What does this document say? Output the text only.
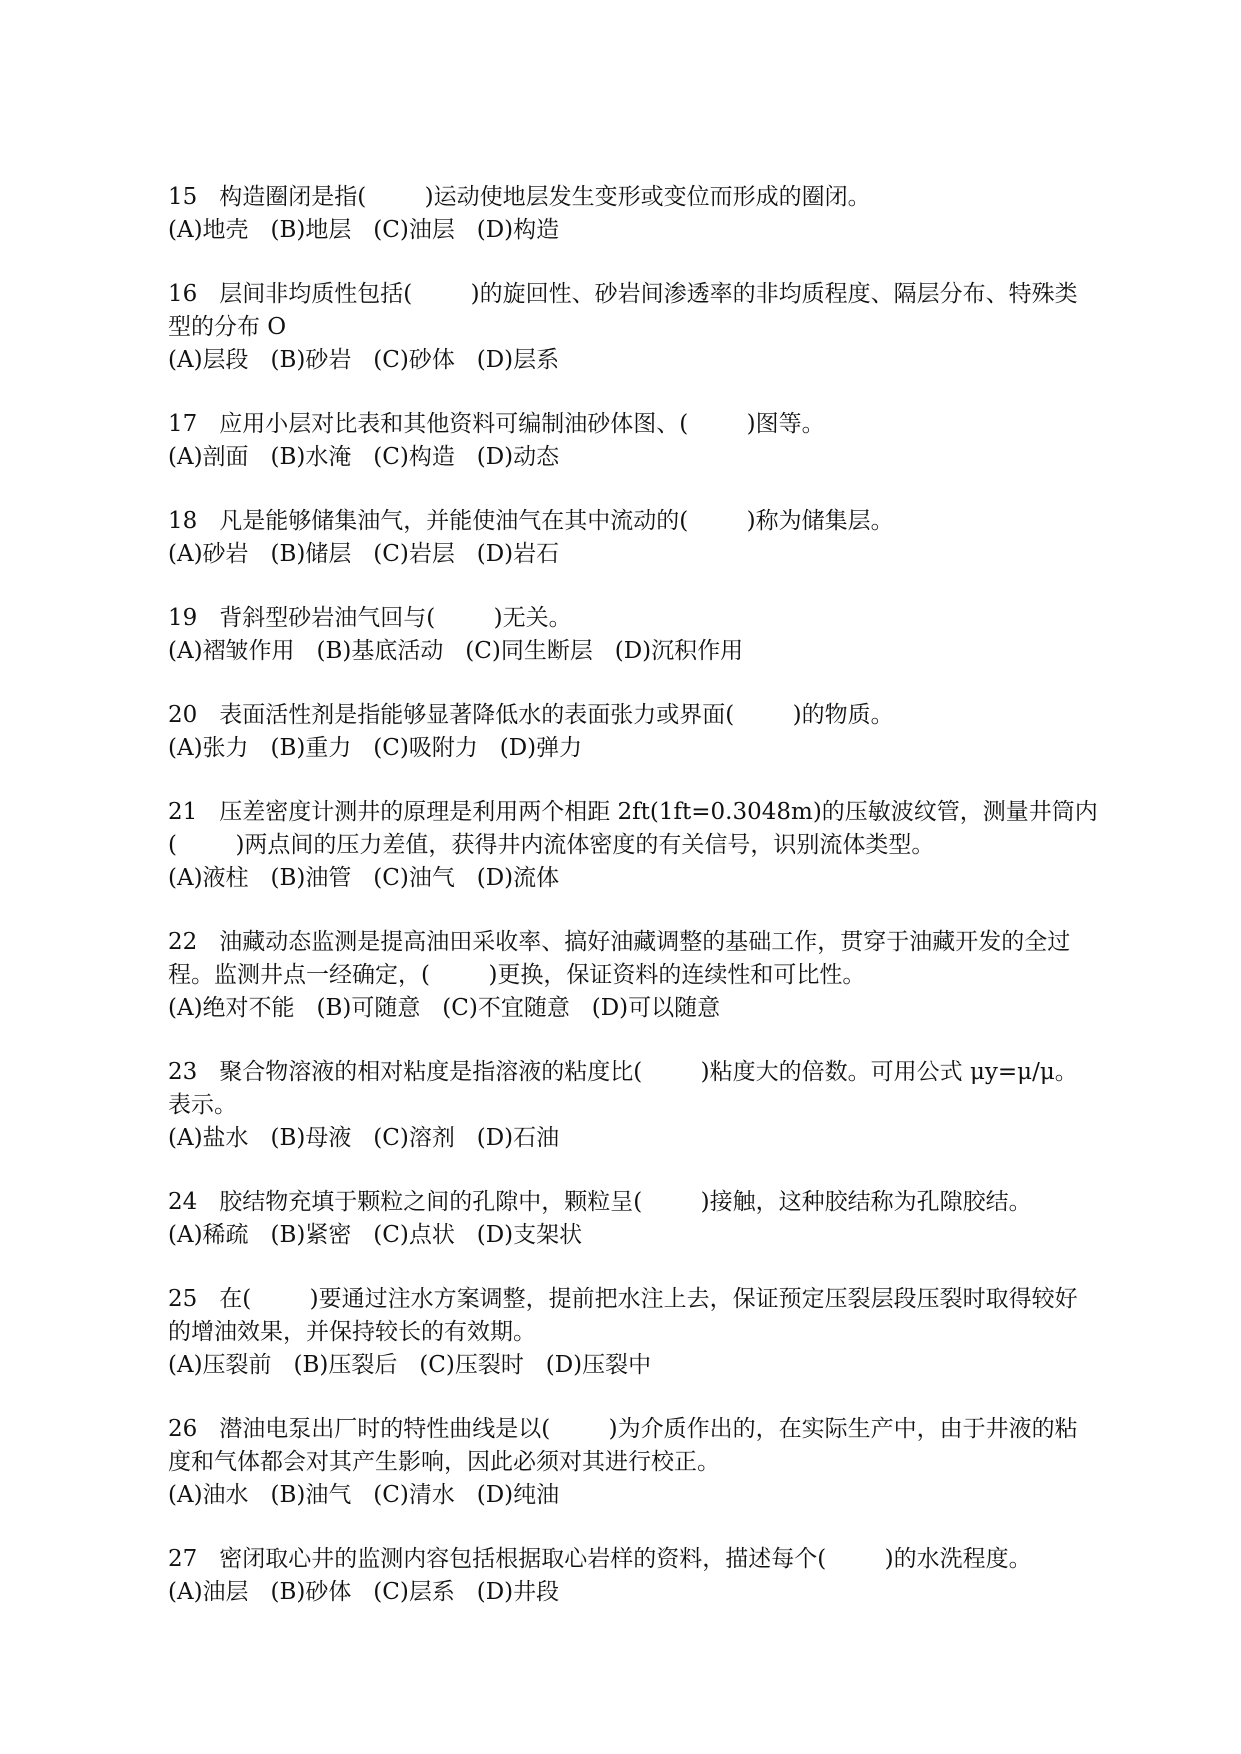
15   构造圈闭是指(        )运动使地层发生变形或变位而形成的圈闭。
(A)地壳   (B)地层   (C)油层   (D)构造
16   层间非均质性包括(        )的旋回性、砂岩间渗透率的非均质程度、隔层分布、特殊类型的分布 O
(A)层段   (B)砂岩   (C)砂体   (D)层系
17   应用小层对比表和其他资料可编制油砂体图、(        )图等。
(A)剖面   (B)水淹   (C)构造   (D)动态
18   凡是能够储集油气，并能使油气在其中流动的(        )称为储集层。
(A)砂岩   (B)储层   (C)岩层   (D)岩石
19   背斜型砂岩油气回与(        )无关。
(A)褶皱作用   (B)基底活动   (C)同生断层   (D)沉积作用
20   表面活性剂是指能够显著降低水的表面张力或界面(        )的物质。
(A)张力   (B)重力   (C)吸附力   (D)弹力
21   压差密度计测井的原理是利用两个相距 2ft(1ft=0.3048m)的压敏波纹管，测量井筒内(        )两点间的压力差值，获得井内流体密度的有关信号，识别流体类型。
(A)液柱   (B)油管   (C)油气   (D)流体
22   油藏动态监测是提高油田采收率、搞好油藏调整的基础工作，贯穿于油藏开发的全过程。监测井点一经确定，(        )更换，保证资料的连续性和可比性。
(A)绝对不能   (B)可随意   (C)不宜随意   (D)可以随意
23   聚合物溶液的相对粘度是指溶液的粘度比(        )粘度大的倍数。可用公式 μy=μ/μ。表示。
(A)盐水   (B)母液   (C)溶剂   (D)石油
24   胶结物充填于颗粒之间的孔隙中，颗粒呈(        )接触，这种胶结称为孔隙胶结。
(A)稀疏   (B)紧密   (C)点状   (D)支架状
25   在(        )要通过注水方案调整，提前把水注上去，保证预定压裂层段压裂时取得较好的增油效果，并保持较长的有效期。
(A)压裂前   (B)压裂后   (C)压裂时   (D)压裂中
26   潜油电泵出厂时的特性曲线是以(        )为介质作出的，在实际生产中，由于井液的粘度和气体都会对其产生影响，因此必须对其进行校正。
(A)油水   (B)油气   (C)清水   (D)纯油
27   密闭取心井的监测内容包括根据取心岩样的资料，描述每个(        )的水洗程度。
(A)油层   (B)砂体   (C)层系   (D)井段
